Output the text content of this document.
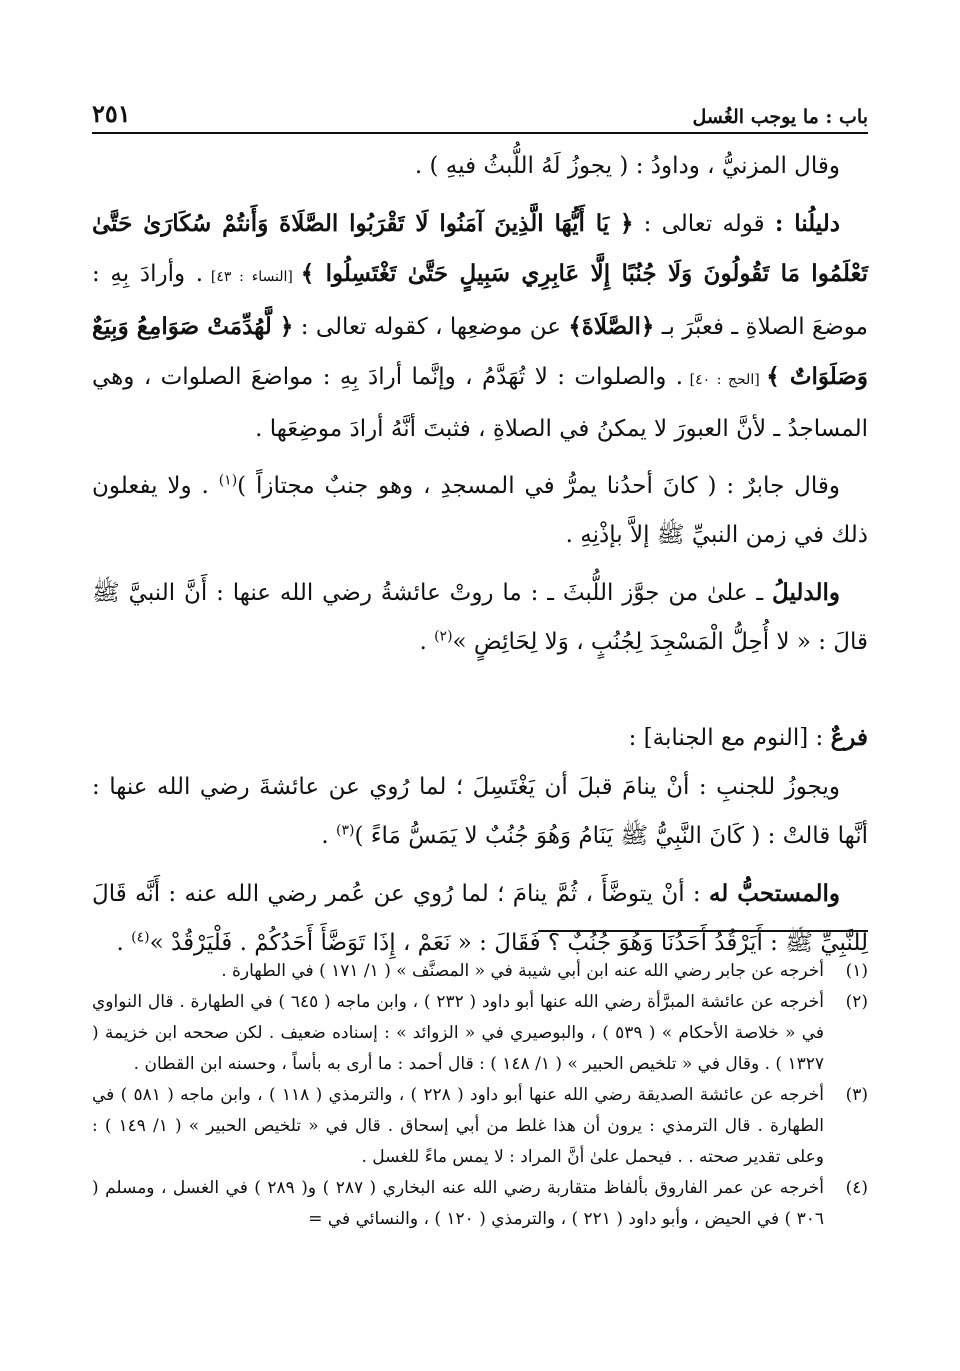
باب : ما يوجب الغُسل
٢٥١

وقال المزنيُّ ، وداودُ : ( يجوزُ لَهُ اللُّبثُ فيهِ ) .

دليلُنا : قوله تعالى : ﴿ يَا أَيُّهَا الَّذِينَ آمَنُوا لَا تَقْرَبُوا الصَّلَاةَ وَأَنتُمْ سُكَارَىٰ حَتَّىٰ تَعْلَمُوا مَا تَقُولُونَ وَلَا جُنُبًا إِلَّا عَابِرِي سَبِيلٍ حَتَّىٰ تَغْتَسِلُوا ﴾ [النساء : ٤٣] . وأرادَ بِهِ : موضعَ الصلاةِ ـ فعبَّرَ بـ ﴿الصَّلَاةَ﴾ عن موضعِها ، كقوله تعالى : ﴿ لَّهُدِّمَتْ صَوَامِعُ وَبِيَعٌ وَصَلَوَاتٌ ﴾ [الحج : ٤٠] . والصلوات : لا تُهَدَّمُ ، وإنَّما أرادَ بِهِ : مواضعَ الصلوات ، وهي المساجدُ ـ لأنَّ العبورَ لا يمكنُ في الصلاةِ ، فثبتَ أنَّهُ أرادَ موضِعَها .

وقال جابرٌ : ( كانَ أحدُنا يمرُّ في المسجدِ ، وهو جنبٌ مجتازاً )$^{(١)}$ . ولا يفعلون ذلك في زمن النبيِّ ﷺ إلاَّ بإذْنِهِ .

والدليلُ ـ علىٰ من جوَّز اللُّبثَ ـ : ما روتْ عائشةُ رضي الله عنها : أَنَّ النبيَّ ﷺ قالَ : « لا أُحِلُّ الْمَسْجِدَ لِجُنُبٍ ، وَلا لِحَائِضٍ »$^{(٢)}$ .

فرعٌ : [النوم مع الجنابة] :

ويجوزُ للجنبِ : أنْ ينامَ قبلَ أن يَغْتَسِلَ ؛ لما رُوي عن عائشةَ رضي الله عنها : أنَّها قالتْ : ( كَانَ النَّبِيُّ ﷺ يَنَامُ وَهُوَ جُنُبٌ لا يَمَسُّ مَاءً )$^{(٣)}$ .

والمستحبُّ له : أنْ يتوضَّأَ ، ثُمَّ ينامَ ؛ لما رُوي عن عُمر رضي الله عنه : أَنَّه قَالَ لِلنَّبِيِّ ﷺ : أَيَرْقُدُ أَحَدُنَا وَهُوَ جُنُبٌ ؟ فَقَالَ : « نَعَمْ ، إِذَا تَوَضَّأَ أَحَدُكُمْ . فَلْيَرْقُدْ »$^{(٤)}$ .

(١)
أخرجه عن جابر رضي الله عنه ابن أبي شيبة في « المصنَّف » ( ١/ ١٧١ ) في الطهارة .
(٢)
أخرجه عن عائشة المبرَّأة رضي الله عنها أبو داود ( ٢٣٢ ) ، وابن ماجه ( ٦٤٥ ) في الطهارة . قال النواوي في « خلاصة الأحكام » ( ٥٣٩ ) ، والبوصيري في « الزوائد » : إسناده ضعيف . لكن صححه ابن خزيمة ( ١٣٢٧ ) . وقال في « تلخيص الحبير » ( ١/ ١٤٨ ) : قال أحمد : ما أرى به بأساً ، وحسنه ابن القطان .
(٣)
أخرجه عن عائشة الصديقة رضي الله عنها أبو داود ( ٢٢٨ ) ، والترمذي ( ١١٨ ) ، وابن ماجه ( ٥٨١ ) في الطهارة . قال الترمذي : يرون أن هذا غلط من أبي إسحاق . قال في « تلخيص الحبير » ( ١/ ١٤٩ ) : وعلى تقدير صحته . . فيحمل علىٰ أنَّ المراد : لا يمس ماءً للغسل .
(٤)
أخرجه عن عمر الفاروق بألفاظ متقاربة رضي الله عنه البخاري ( ٢٨٧ ) و( ٢٨٩ ) في الغسل ، ومسلم ( ٣٠٦ ) في الحيض ، وأبو داود ( ٢٢١ ) ، والترمذي ( ١٢٠ ) ، والنسائي في =
